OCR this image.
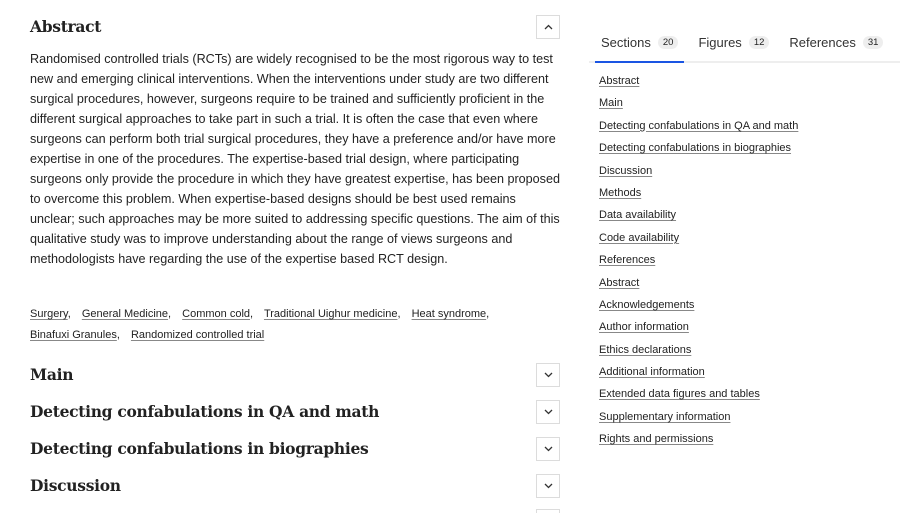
Abstract

Randomised controlled trials (RCTs) are widely recognised to be the most rigorous way to test new and emerging clinical interventions. When the interventions under study are two different surgical procedures, however, surgeons require to be trained and sufficiently proficient in the different surgical approaches to take part in such a trial. It is often the case that even where surgeons can perform both trial surgical procedures, they have a preference and/or have more expertise in one of the procedures. The expertise-based trial design, where participating surgeons only provide the procedure in which they have greatest expertise, has been proposed to overcome this problem. When expertise-based designs should be best used remains unclear; such approaches may be more suited to addressing specific questions. The aim of this qualitative study was to improve understanding about the range of views surgeons and methodologists have regarding the use of the expertise based RCT design.

Surgery, General Medicine, Common cold, Traditional Uighur medicine, Heat syndrome,
Binafuxi Granules, Randomized controlled trial
Main
Detecting confabulations in QA and math
Detecting confabulations in biographies
Discussion
Sections	20	Figures	12	References	31
Abstract
Main
Detecting confabulations in QA and math
Detecting confabulations in biographies
Discussion
Methods
Data availability
Code availability
References
Abstract
Acknowledgements
Author information
Ethics declarations
Additional information
Extended data figures and tables
Supplementary information
Rights and permissions
